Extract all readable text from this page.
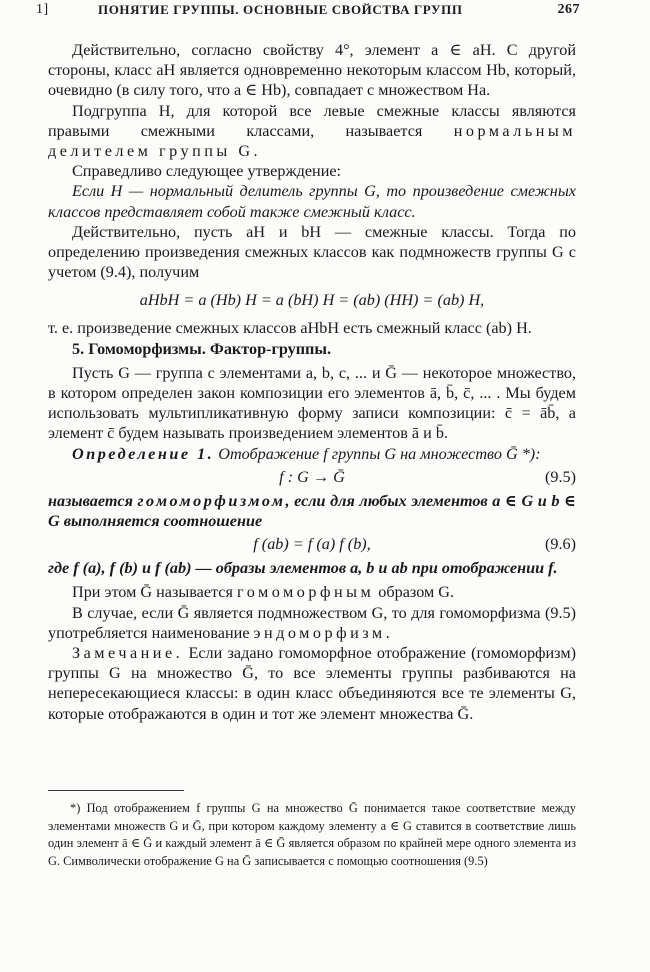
1]	ПОНЯТИЕ ГРУППЫ. ОСНОВНЫЕ СВОЙСТВА ГРУПП	267

Действительно, согласно свойству 4°, элемент a ∈ aH. С другой стороны, класс aH является одновременно некоторым классом Hb, который, очевидно (в силу того, что a ∈ Hb), совпадает с множеством Ha.

Подгруппа H, для которой все левые смежные классы являются правыми смежными классами, называется нормальным делителем группы G.

Справедливо следующее утверждение:

Если H — нормальный делитель группы G, то произведение смежных классов представляет собой также смежный класс.

Действительно, пусть aH и bH — смежные классы. Тогда по определению произведения смежных классов как подмножеств группы G с учетом (9.4), получим

aHbH = a (Hb) H = a (bH) H = (ab) (HH) = (ab) H,

т. е. произведение смежных классов aHbH есть смежный класс (ab) H.

5. Гомоморфизмы. Фактор-группы.

Пусть G — группа с элементами a, b, c, ... и Ḡ — некоторое множество, в котором определен закон композиции его элементов ā, b̄, c̄, ... . Мы будем использовать мультипликативную форму записи композиции: c̄ = āb̄, а элемент c̄ будем называть произведением элементов ā и b̄.

Определение 1. Отображение f группы G на множество Ḡ *):

f : G → Ḡ	(9.5)

называется гомоморфизмом, если для любых элементов a ∈ G и b ∈ G выполняется соотношение

f (ab) = f (a) f (b),	(9.6)

где f (a), f (b) и f (ab) — образы элементов a, b и ab при отображении f.

При этом Ḡ называется гомоморфным образом G.

В случае, если Ḡ является подмножеством G, то для гомоморфизма (9.5) употребляется наименование эндоморфизм.

Замечание. Если задано гомоморфное отображение (гомоморфизм) группы G на множество Ḡ, то все элементы группы разбиваются на непересекающиеся классы: в один класс объединяются все те элементы G, которые отображаются в один и тот же элемент множества Ḡ.

*) Под отображением f группы G на множество Ḡ понимается такое соответствие между элементами множеств G и Ḡ, при котором каждому элементу a ∈ G ставится в соответствие лишь один элемент ā ∈ Ḡ и каждый элемент ā ∈ Ḡ является образом по крайней мере одного элемента из G. Символически отображение G на Ḡ записывается с помощью соотношения (9.5)
